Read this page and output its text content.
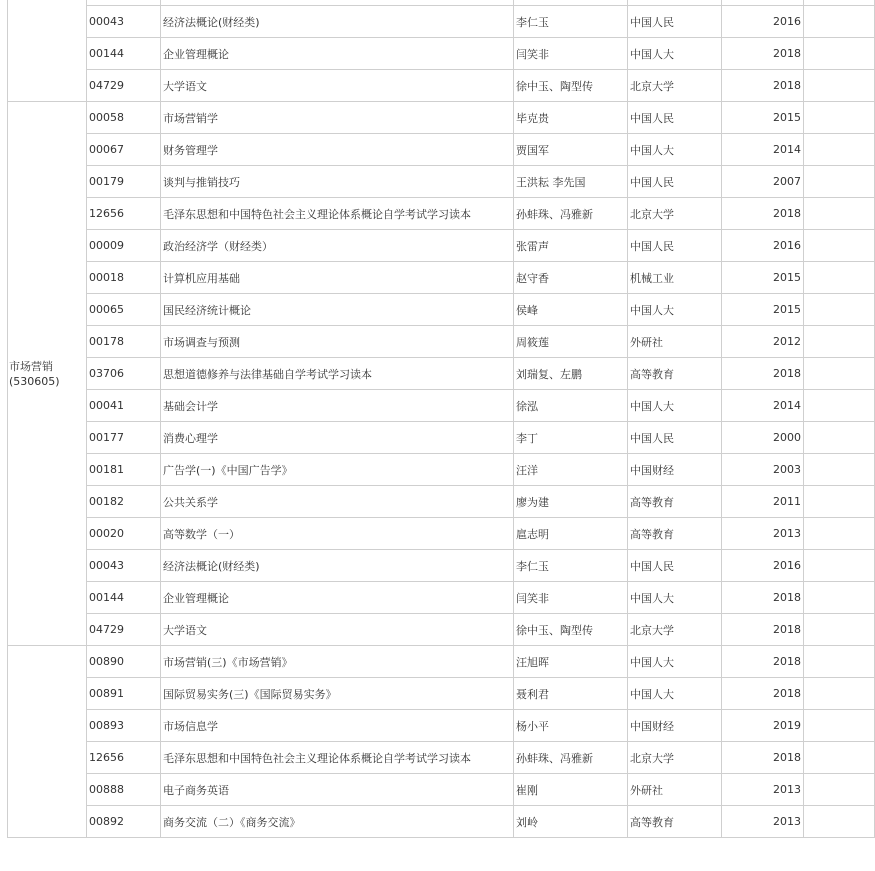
	00043	经济法概论(财经类)	李仁玉	中国人民	2016	
	00144	企业管理概论	闫笑非	中国人大	2018	
	04729	大学语文	徐中玉、陶型传	北京大学	2018	
市场营销
(530605)	00058	市场营销学	毕克贵	中国人民	2015	
	00067	财务管理学	贾国军	中国人大	2014	
	00179	谈判与推销技巧	王洪耘 李先国	中国人民	2007	
	12656	毛泽东思想和中国特色社会主义理论体系概论自学考试学习读本	孙蚌珠、冯雅新	北京大学	2018	
	00009	政治经济学（财经类）	张雷声	中国人民	2016	
	00018	计算机应用基础	赵守香	机械工业	2015	
	00065	国民经济统计概论	侯峰	中国人大	2015	
	00178	市场调查与预测	周筱莲	外研社	2012	
	03706	思想道德修养与法律基础自学考试学习读本	刘瑞复、左鹏	高等教育	2018	
	00041	基础会计学	徐泓	中国人大	2014	
	00177	消费心理学	李丁	中国人民	2000	
	00181	广告学(一)《中国广告学》	汪洋	中国财经	2003	
	00182	公共关系学	廖为建	高等教育	2011	
	00020	高等数学（一）	扈志明	高等教育	2013	
	00043	经济法概论(财经类)	李仁玉	中国人民	2016	
	00144	企业管理概论	闫笑非	中国人大	2018	
	04729	大学语文	徐中玉、陶型传	北京大学	2018	
	00890	市场营销(三)《市场营销》	汪旭晖	中国人大	2018	
	00891	国际贸易实务(三)《国际贸易实务》	聂利君	中国人大	2018	
	00893	市场信息学	杨小平	中国财经	2019	
	12656	毛泽东思想和中国特色社会主义理论体系概论自学考试学习读本	孙蚌珠、冯雅新	北京大学	2018	
	00888	电子商务英语	崔刚	外研社	2013	
	00892	商务交流（二）《商务交流》	刘岭	高等教育	2013	
